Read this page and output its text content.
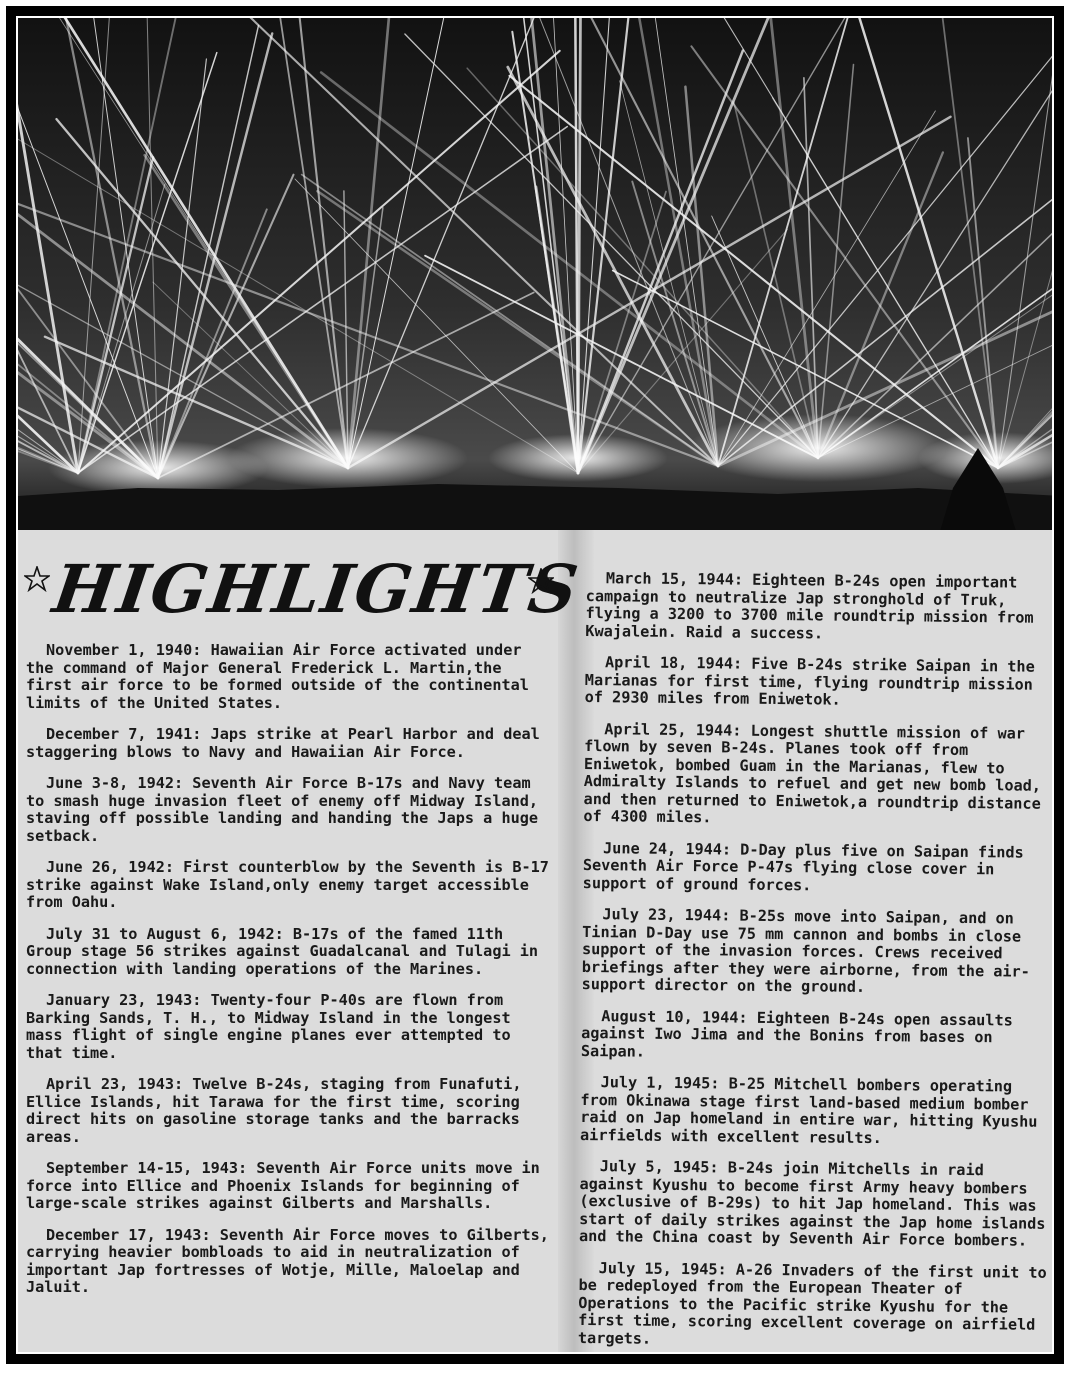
HIGHLIGHTS

November 1, 1940: Hawaiian Air Force activated under the command of Major General Frederick L. Martin,the first air force to be formed outside of the continental limits of the United States.

December 7, 1941: Japs strike at Pearl Harbor and deal staggering blows to Navy and Hawaiian Air Force.

June 3-8, 1942: Seventh Air Force B-17s and Navy team to smash huge invasion fleet of enemy off Midway Island, staving off possible landing and handing the Japs a huge setback.

June 26, 1942: First counterblow by the Seventh is B-17 strike against Wake Island,only enemy target accessible from Oahu.

July 31 to August 6, 1942: B-17s of the famed 11th Group stage 56 strikes against Guadalcanal and Tulagi in connection with landing operations of the Marines.

January 23, 1943: Twenty-four P-40s are flown from Barking Sands, T. H., to Midway Island in the longest mass flight of single engine planes ever attempted to that time.

April 23, 1943: Twelve B-24s, staging from Funafuti, Ellice Islands, hit Tarawa for the first time, scoring direct hits on gasoline storage tanks and the barracks areas.

September 14-15, 1943: Seventh Air Force units move in force into Ellice and Phoenix Islands for beginning of large-scale strikes against Gilberts and Marshalls.

December 17, 1943: Seventh Air Force moves to Gilberts, carrying heavier bombloads to aid in neutralization of important Jap fortresses of Wotje, Mille, Maloelap and Jaluit.

March 15, 1944: Eighteen B-24s open important campaign to neutralize Jap stronghold of Truk, flying a 3200 to 3700 mile roundtrip mission from Kwajalein. Raid a success.

April 18, 1944: Five B-24s strike Saipan in the Marianas for first time, flying roundtrip mission of 2930 miles from Eniwetok.

April 25, 1944: Longest shuttle mission of war flown by seven B-24s. Planes took off from Eniwetok, bombed Guam in the Marianas, flew to Admiralty Islands to refuel and get new bomb load, and then returned to Eniwetok,a roundtrip distance of 4300 miles.

June 24, 1944: D-Day plus five on Saipan finds Seventh Air Force P-47s flying close cover in support of ground forces.

July 23, 1944: B-25s move into Saipan, and on Tinian D-Day use 75 mm cannon and bombs in close support of the invasion forces. Crews received briefings after they were airborne, from the air-support director on the ground.

August 10, 1944: Eighteen B-24s open assaults against Iwo Jima and the Bonins from bases on Saipan.

July 1, 1945: B-25 Mitchell bombers operating from Okinawa stage first land-based medium bomber raid on Jap homeland in entire war, hitting Kyushu airfields with excellent results.

July 5, 1945: B-24s join Mitchells in raid against Kyushu to become first Army heavy bombers (exclusive of B-29s) to hit Jap homeland. This was start of daily strikes against the Jap home islands and the China coast by Seventh Air Force bombers.

July 15, 1945: A-26 Invaders of the first unit to be redeployed from the European Theater of Operations to the Pacific strike Kyushu for the first time, scoring excellent coverage on airfield targets.
